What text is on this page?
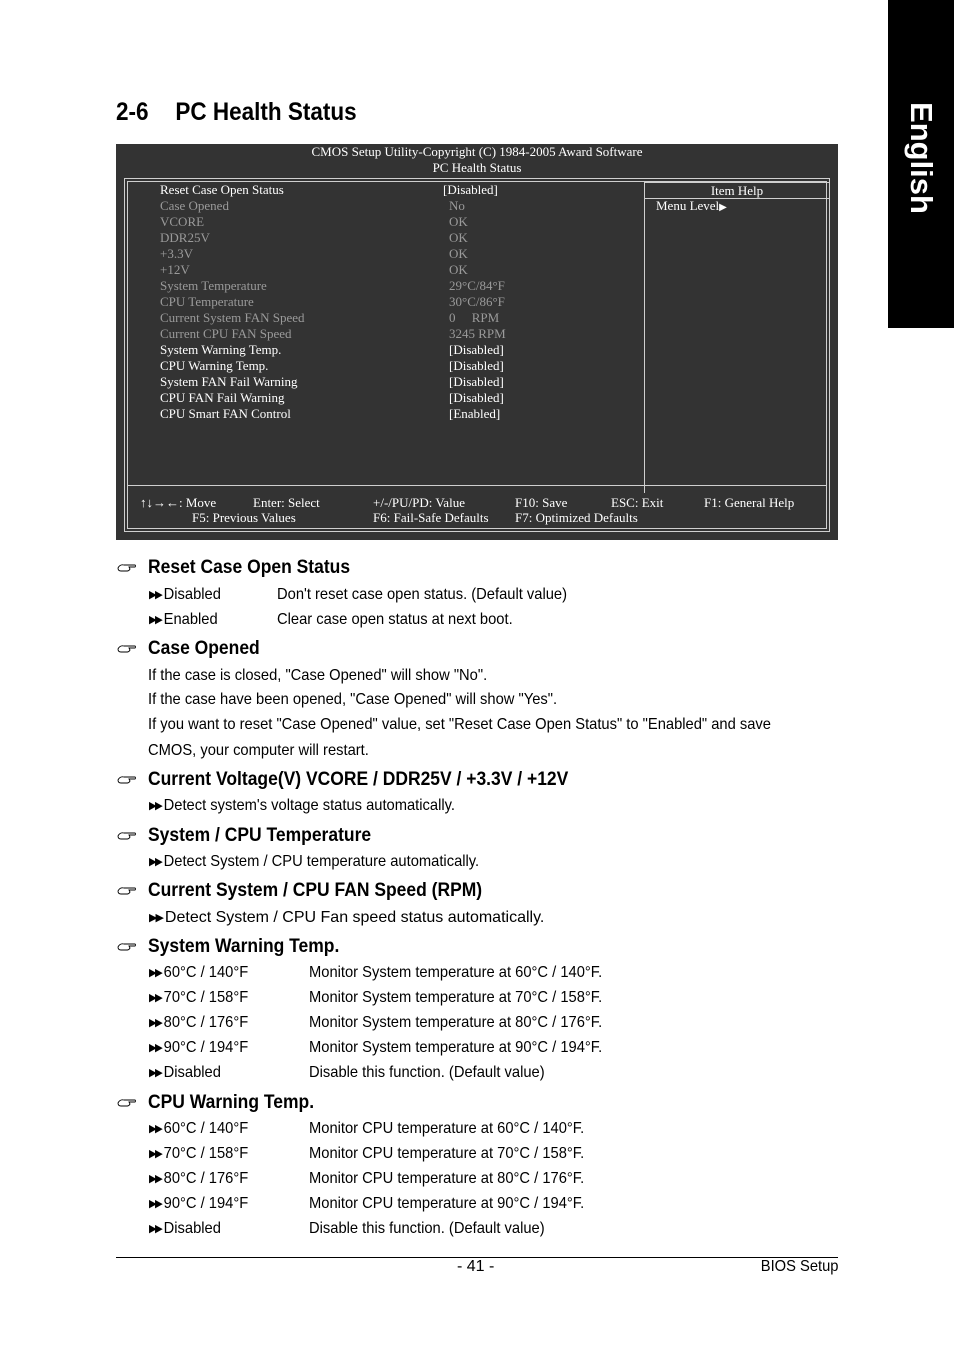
English
2-6 PC Health Status
CMOS Setup Utility-Copyright (C) 1984-2005 Award Software
PC Health Status
Item Help
Menu Level▶
Reset Case Open Status	[Disabled]
Case Opened	No
VCORE	OK
DDR25V	OK
+3.3V	OK
+12V	OK
System Temperature	29°C/84°F
CPU Temperature	30°C/86°F
Current System FAN Speed	0     RPM
Current CPU FAN Speed	3245 RPM
System Warning Temp.	[Disabled]
CPU Warning Temp.	[Disabled]
System FAN Fail Warning	[Disabled]
CPU FAN Fail Warning	[Disabled]
CPU Smart FAN Control	[Enabled]
↑↓→←: Move	Enter: Select	+/-/PU/PD: Value	F10: Save	ESC: Exit	F1: General Help
F5: Previous Values	F6: Fail-Safe Defaults F7: Optimized Defaults
Reset Case Open Status
▶▶ Disabled	Don't reset case open status. (Default value)
▶▶ Enabled	Clear case open status at next boot.
Case Opened
If the case is closed, "Case Opened" will show "No".
If the case have been opened, "Case Opened" will show "Yes".
If you want to reset "Case Opened" value, set "Reset Case Open Status" to "Enabled" and save
CMOS, your computer will restart.
Current Voltage(V) VCORE / DDR25V / +3.3V / +12V
▶▶ Detect system's voltage status automatically.
System / CPU Temperature
▶▶ Detect System / CPU temperature automatically.
Current System / CPU FAN Speed (RPM)
▶▶ Detect System / CPU Fan speed status automatically.
System Warning Temp.
▶▶ 60°C / 140°F	Monitor System temperature at 60°C / 140°F.
▶▶ 70°C / 158°F	Monitor System temperature at 70°C / 158°F.
▶▶ 80°C / 176°F	Monitor System temperature at 80°C / 176°F.
▶▶ 90°C / 194°F	Monitor System temperature at 90°C / 194°F.
▶▶ Disabled	Disable this function. (Default value)
CPU Warning Temp.
▶▶ 60°C / 140°F	Monitor CPU temperature at 60°C / 140°F.
▶▶ 70°C / 158°F	Monitor CPU temperature at 70°C / 158°F.
▶▶ 80°C / 176°F	Monitor CPU temperature at 80°C / 176°F.
▶▶ 90°C / 194°F	Monitor CPU temperature at 90°C / 194°F.
▶▶ Disabled	Disable this function. (Default value)
- 41 -	BIOS Setup
